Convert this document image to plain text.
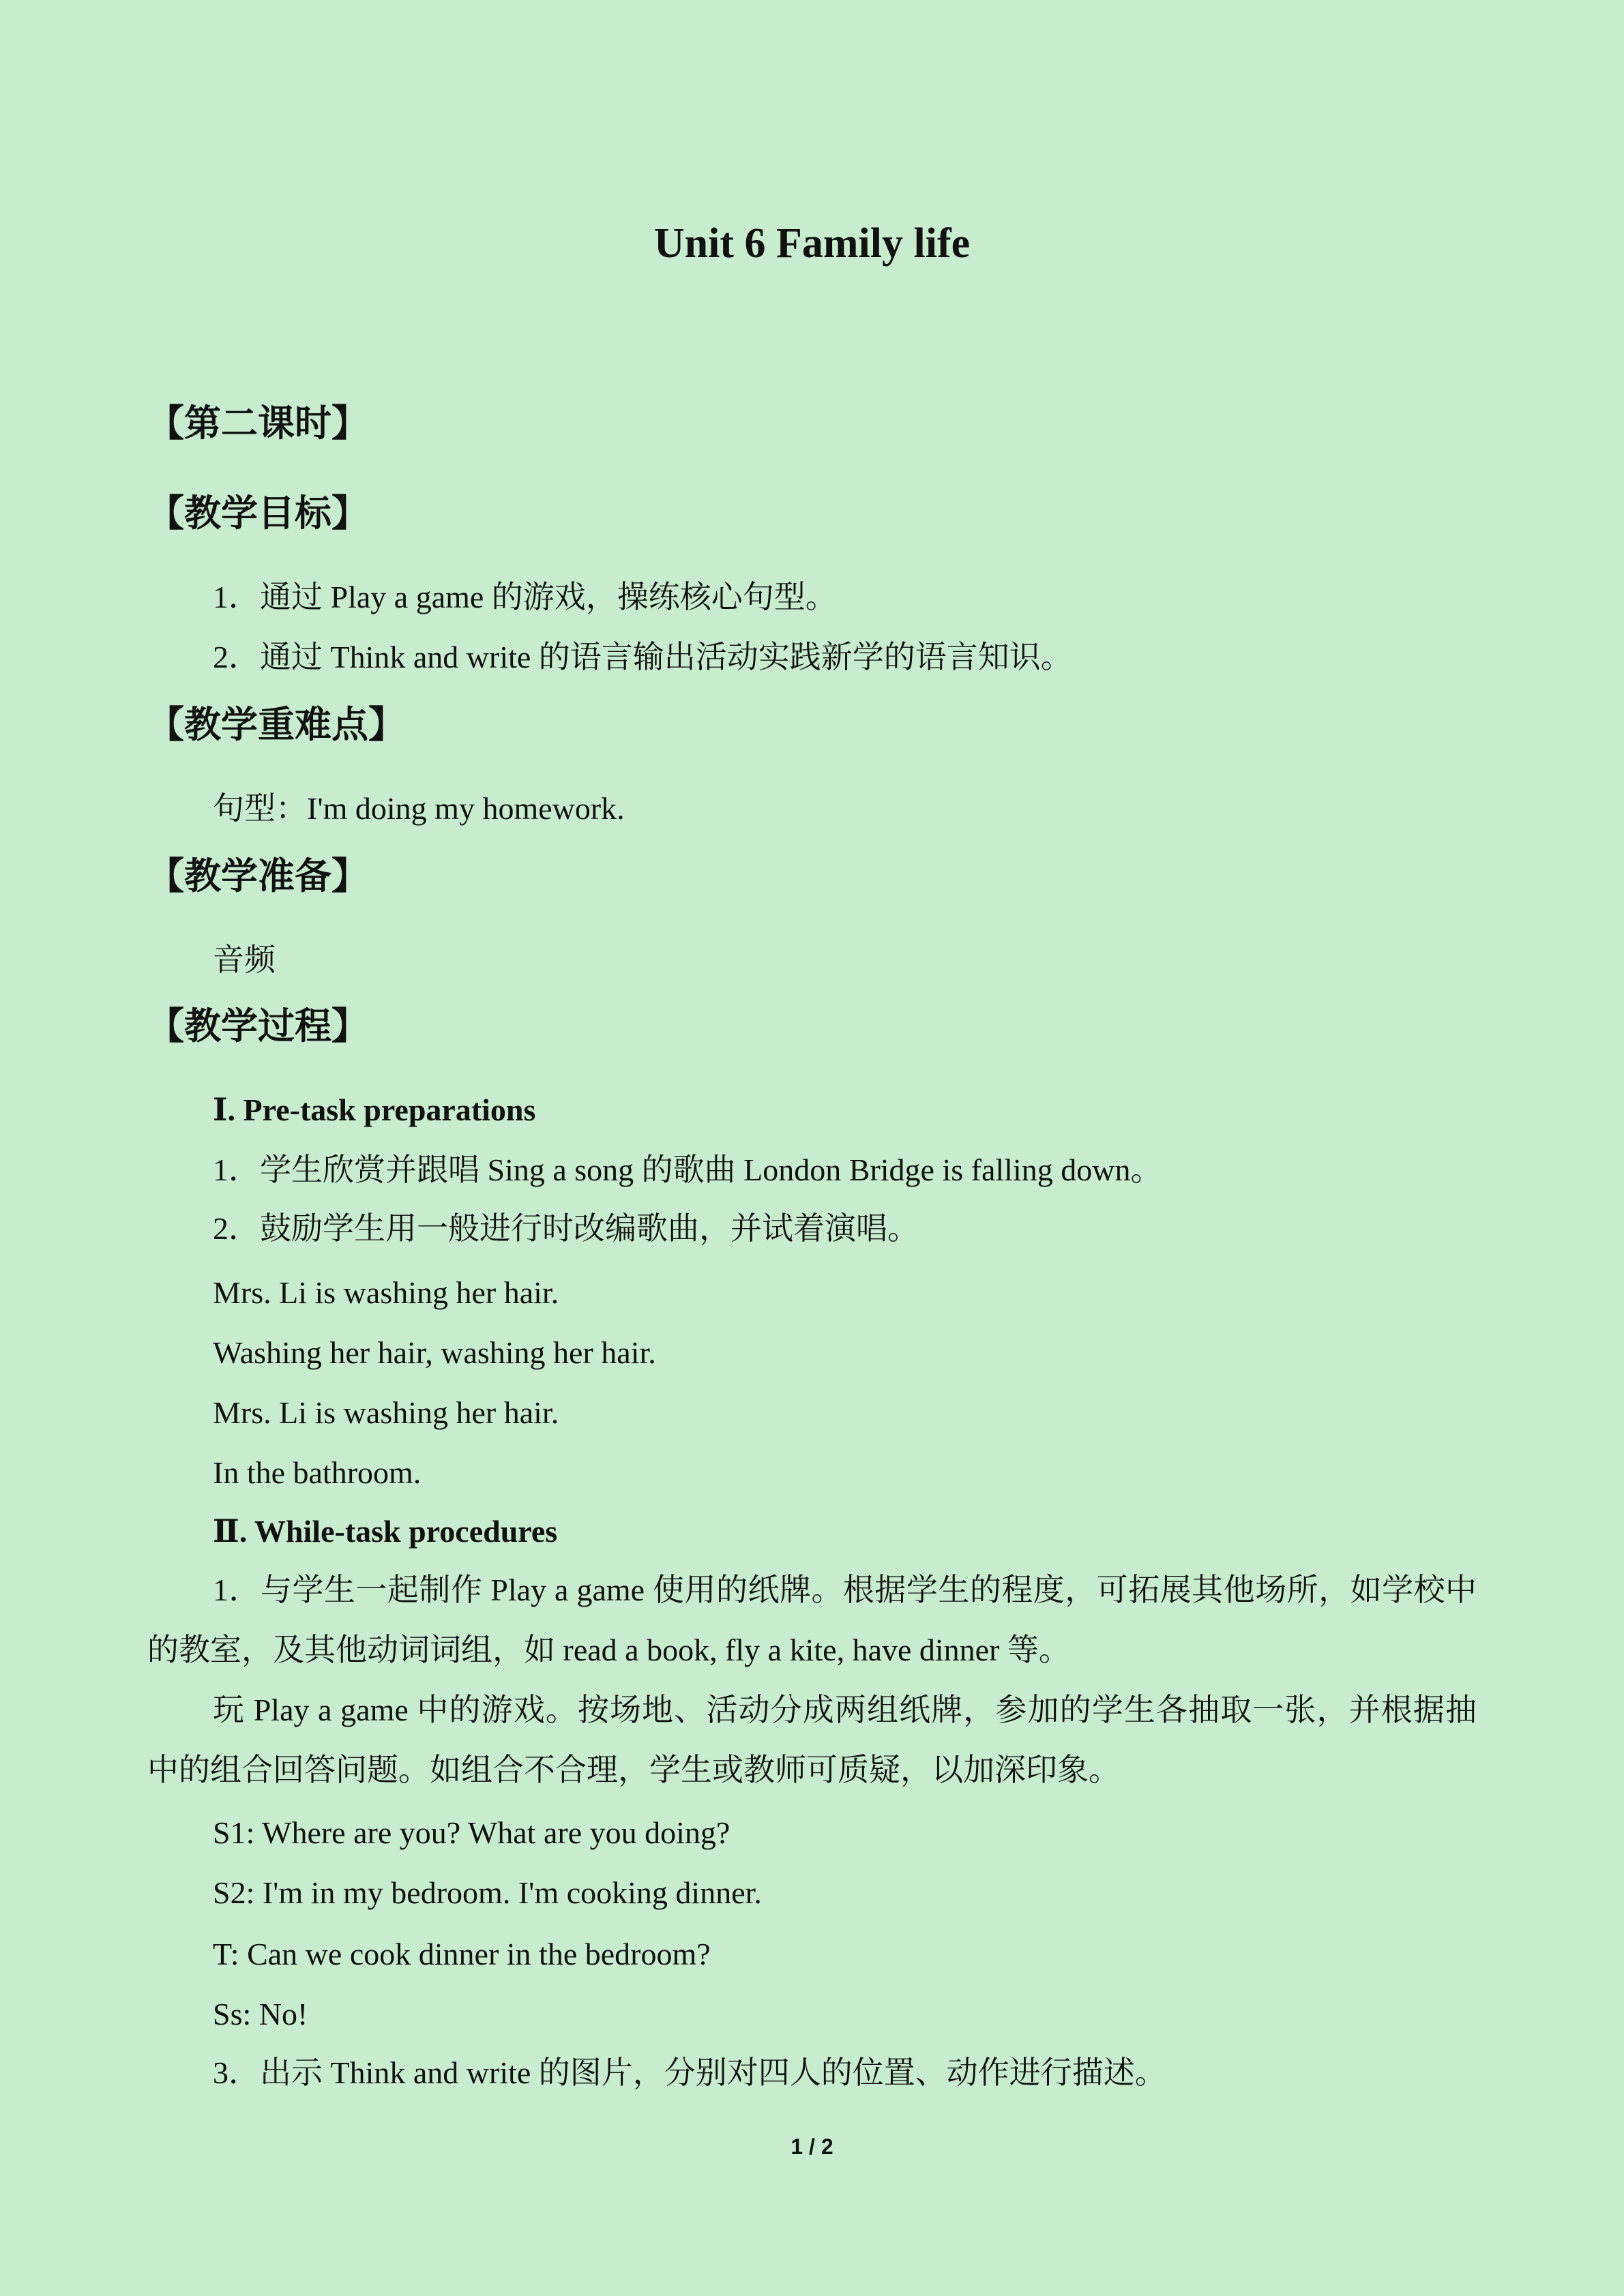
Unit 6 Family life
【第二课时】
【教学目标】
1．通过 Play a game 的游戏，操练核心句型。
2．通过 Think and write 的语言输出活动实践新学的语言知识。
【教学重难点】
句型：I'm doing my homework.
【教学准备】
音频
【教学过程】
Ⅰ. Pre-task preparations
1．学生欣赏并跟唱 Sing a song 的歌曲 London Bridge is falling down。
2．鼓励学生用一般进行时改编歌曲，并试着演唱。
Mrs. Li is washing her hair.
Washing her hair, washing her hair.
Mrs. Li is washing her hair.
In the bathroom.
Ⅱ. While-task procedures
1．与学生一起制作 Play a game 使用的纸牌。根据学生的程度，可拓展其他场所，如学校中的教室，及其他动词词组，如 read a book, fly a kite, have dinner 等。
玩 Play a game 中的游戏。按场地、活动分成两组纸牌，参加的学生各抽取一张，并根据抽中的组合回答问题。如组合不合理，学生或教师可质疑，以加深印象。
S1: Where are you? What are you doing?
S2: I'm in my bedroom. I'm cooking dinner.
T: Can we cook dinner in the bedroom?
Ss: No!
3．出示 Think and write 的图片，分别对四人的位置、动作进行描述。
1 / 2
